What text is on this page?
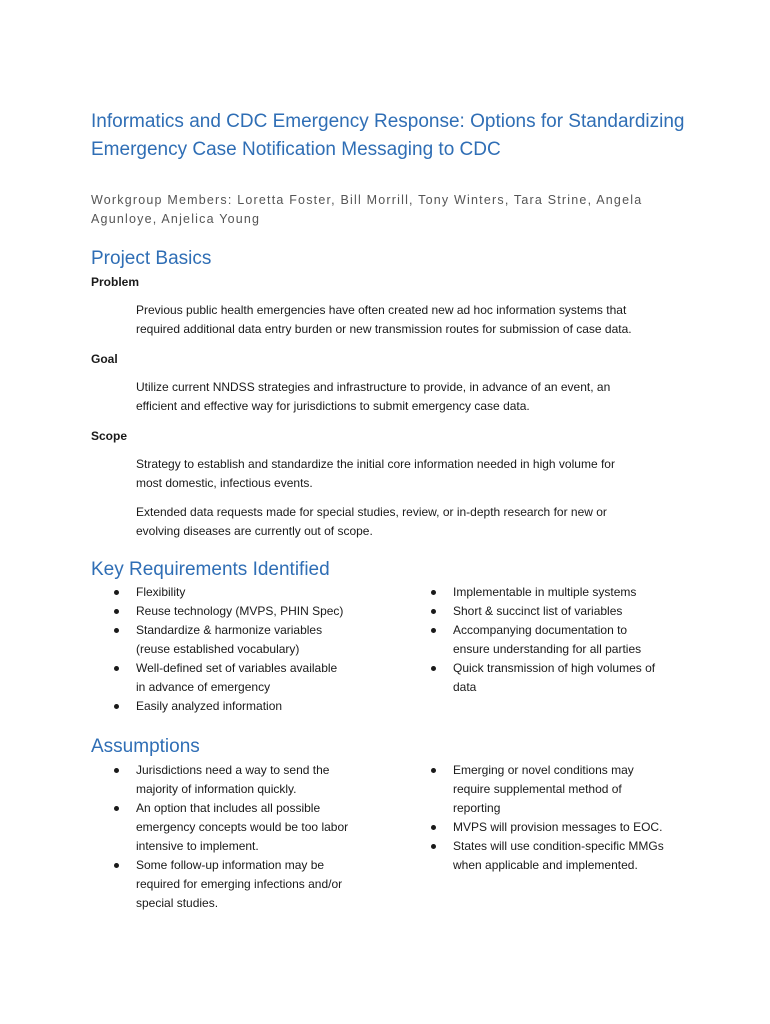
Informatics and CDC Emergency Response: Options for Standardizing
Emergency Case Notification Messaging to CDC
Workgroup Members: Loretta Foster, Bill Morrill, Tony Winters, Tara Strine, Angela
Agunloye, Anjelica Young
Project Basics
Problem

Previous public health emergencies have often created new ad hoc information systems that
required additional data entry burden or new transmission routes for submission of case data.

Goal

Utilize current NNDSS strategies and infrastructure to provide, in advance of an event, an
efficient and effective way for jurisdictions to submit emergency case data.

Scope

Strategy to establish and standardize the initial core information needed in high volume for
most domestic, infectious events.

Extended data requests made for special studies, review, or in-depth research for new or
evolving diseases are currently out of scope.

Key Requirements Identified
Flexibility
Reuse technology (MVPS, PHIN Spec)
Standardize & harmonize variables
(reuse established vocabulary)
Well-defined set of variables available
in advance of emergency
Easily analyzed information
Implementable in multiple systems
Short & succinct list of variables
Accompanying documentation to
ensure understanding for all parties
Quick transmission of high volumes of
data
Assumptions
Jurisdictions need a way to send the
majority of information quickly.
An option that includes all possible
emergency concepts would be too labor
intensive to implement.
Some follow-up information may be
required for emerging infections and/or
special studies.
Emerging or novel conditions may
require supplemental method of
reporting
MVPS will provision messages to EOC.
States will use condition-specific MMGs
when applicable and implemented.
